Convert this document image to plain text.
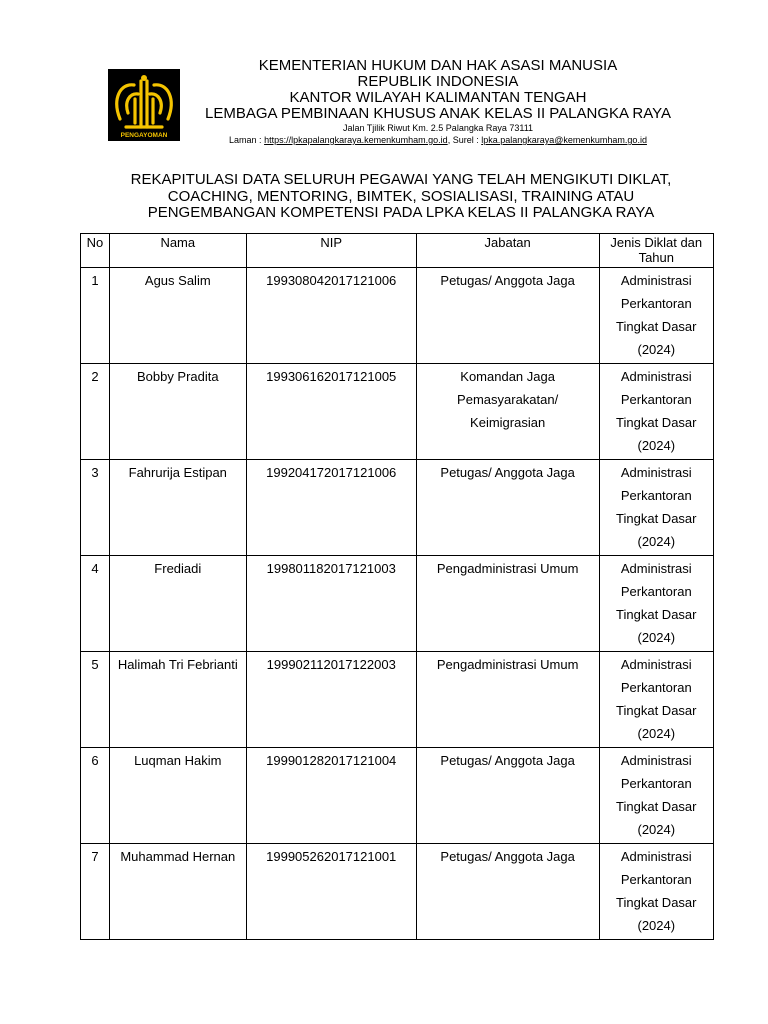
PENGAYOMAN
KEMENTERIAN HUKUM DAN HAK ASASI MANUSIA
REPUBLIK INDONESIA
KANTOR WILAYAH KALIMANTAN TENGAH
LEMBAGA PEMBINAAN KHUSUS ANAK KELAS II PALANGKA RAYA
Jalan Tjilik Riwut Km. 2.5 Palangka Raya 73111
Laman : https://lpkapalangkaraya.kemenkumham.go.id, Surel : lpka.palangkaraya@kemenkumham.go.id
REKAPITULASI DATA SELURUH PEGAWAI YANG TELAH MENGIKUTI DIKLAT,
COACHING, MENTORING, BIMTEK, SOSIALISASI, TRAINING ATAU
PENGEMBANGAN KOMPETENSI PADA LPKA KELAS II PALANGKA RAYA
No	Nama	NIP	Jabatan	Jenis Diklat dan Tahun
1	Agus Salim	199308042017121006	Petugas/ Anggota Jaga	Administrasi Perkantoran Tingkat Dasar (2024)
2	Bobby Pradita	199306162017121005	Komandan Jaga Pemasyarakatan/ Keimigrasian	Administrasi Perkantoran Tingkat Dasar (2024)
3	Fahrurija Estipan	199204172017121006	Petugas/ Anggota Jaga	Administrasi Perkantoran Tingkat Dasar (2024)
4	Frediadi	199801182017121003	Pengadministrasi Umum	Administrasi Perkantoran Tingkat Dasar (2024)
5	Halimah Tri Febrianti	199902112017122003	Pengadministrasi Umum	Administrasi Perkantoran Tingkat Dasar (2024)
6	Luqman Hakim	199901282017121004	Petugas/ Anggota Jaga	Administrasi Perkantoran Tingkat Dasar (2024)
7	Muhammad Hernan	199905262017121001	Petugas/ Anggota Jaga	Administrasi Perkantoran Tingkat Dasar (2024)
